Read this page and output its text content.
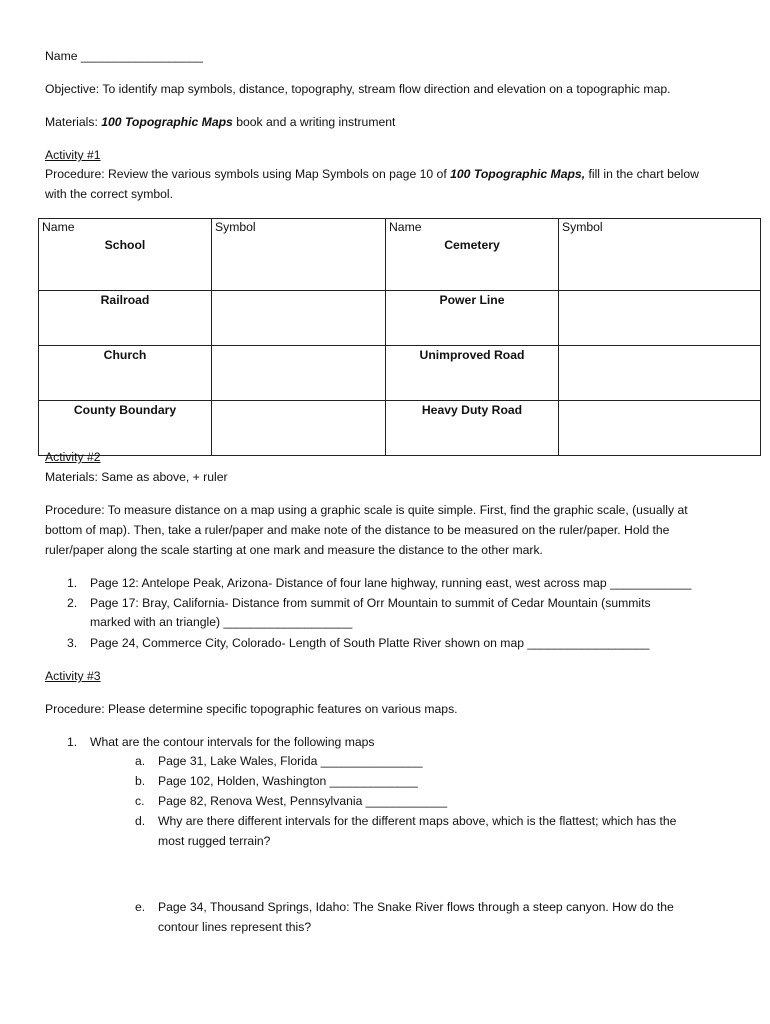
Name __________________
Objective: To identify map symbols, distance, topography, stream flow direction and elevation on a topographic map.
Materials: 100 Topographic Maps book and a writing instrument
Activity #1
Procedure: Review the various symbols using Map Symbols on page 10 of 100 Topographic Maps, fill in the chart below
with the correct symbol.
Name	Symbol	Name	Symbol
School		Cemetery	
Railroad		Power Line	
Church		Unimproved Road	
County Boundary		Heavy Duty Road	
Activity #2
Materials: Same as above, + ruler
Procedure: To measure distance on a map using a graphic scale is quite simple. First, find the graphic scale, (usually at
bottom of map). Then, take a ruler/paper and make note of the distance to be measured on the ruler/paper. Hold the
ruler/paper along the scale starting at one mark and measure the distance to the other mark.
1. Page 12: Antelope Peak, Arizona- Distance of four lane highway, running east, west across map ____________
2. Page 17: Bray, California- Distance from summit of Orr Mountain to summit of Cedar Mountain (summits
marked with an triangle) ___________________
3. Page 24, Commerce City, Colorado- Length of South Platte River shown on map __________________
Activity #3
Procedure: Please determine specific topographic features on various maps.
1. What are the contour intervals for the following maps
a. Page 31, Lake Wales, Florida _______________
b. Page 102, Holden, Washington _____________
c. Page 82, Renova West, Pennsylvania ____________
d. Why are there different intervals for the different maps above, which is the flattest; which has the
most rugged terrain?
e. Page 34, Thousand Springs, Idaho: The Snake River flows through a steep canyon. How do the
contour lines represent this?
